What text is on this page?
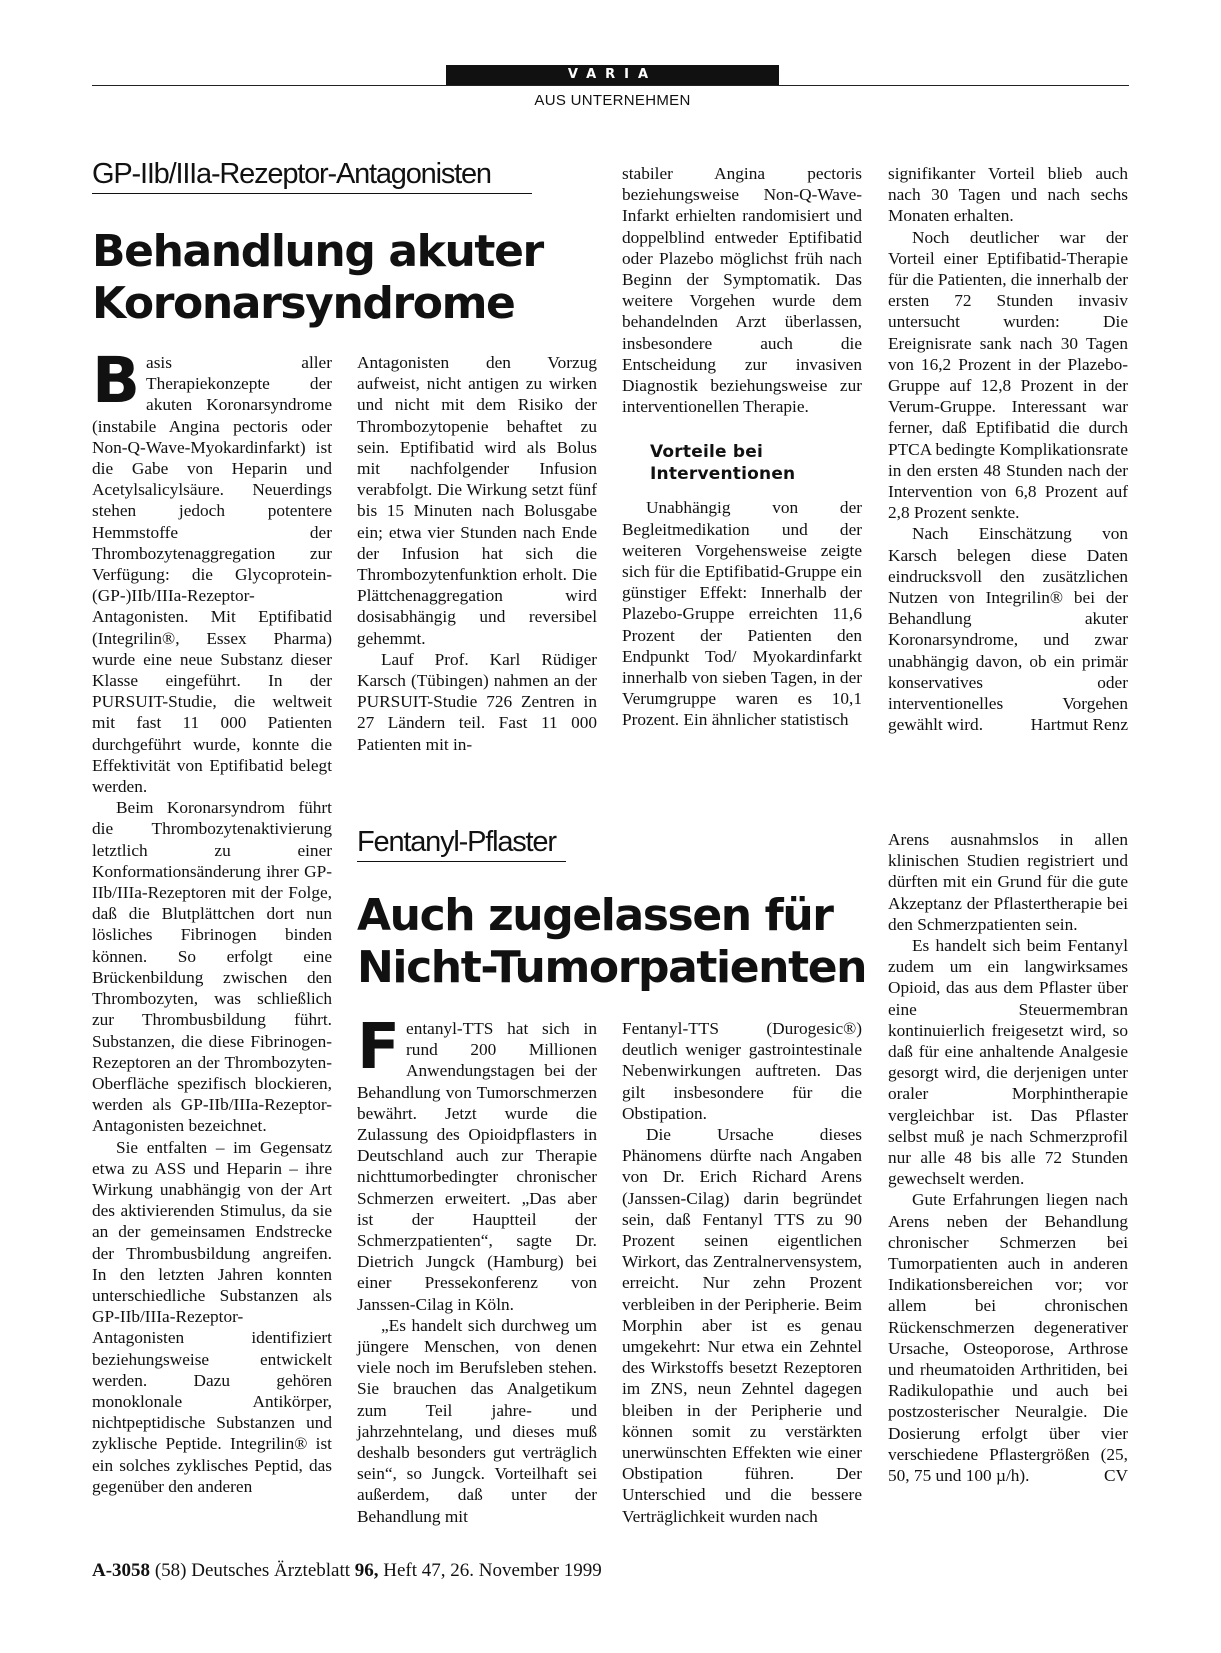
VARIA
AUS UNTERNEHMEN
GP-IIb/IIIa-Rezeptor-Antagonisten
Behandlung akuter
Koronarsyndrome

Basis aller Therapiekonzepte der akuten Koronarsyndrome (instabile Angina pectoris oder Non-Q-Wave-Myokardinfarkt) ist die Gabe von Heparin und Acetylsalicylsäure. Neuerdings stehen jedoch potentere Hemmstoffe der Thrombozytenaggregation zur Verfügung: die Glycoprotein-(GP-)IIb/IIIa-Rezeptor-Antagonisten. Mit Eptifibatid (Integrilin®, Essex Pharma) wurde eine neue Substanz dieser Klasse eingeführt. In der PURSUIT-Studie, die weltweit mit fast 11 000 Patienten durchgeführt wurde, konnte die Effektivität von Eptifibatid belegt werden.

Beim Koronarsyndrom führt die Thrombozytenaktivierung letztlich zu einer Konformationsänderung ihrer GP-IIb/IIIa-Rezeptoren mit der Folge, daß die Blutplättchen dort nun lösliches Fibrinogen binden können. So erfolgt eine Brückenbildung zwischen den Thrombozyten, was schließlich zur Thrombusbildung führt. Substanzen, die diese Fibrinogen-Rezeptoren an der Thrombozyten-Oberfläche spezifisch blockieren, werden als GP-IIb/IIIa-Rezeptor-Antagonisten bezeichnet.

Sie entfalten – im Gegensatz etwa zu ASS und Heparin – ihre Wirkung unabhängig von der Art des aktivierenden Stimulus, da sie an der gemeinsamen Endstrecke der Thrombusbildung angreifen. In den letzten Jahren konnten unterschiedliche Substanzen als GP-IIb/IIIa-Rezeptor-Antagonisten identifiziert beziehungsweise entwickelt werden. Dazu gehören monoklonale Antikörper, nichtpeptidische Substanzen und zyklische Peptide. Integrilin® ist ein solches zyklisches Peptid, das gegenüber den anderen

Antagonisten den Vorzug aufweist, nicht antigen zu wirken und nicht mit dem Risiko der Thrombozytopenie behaftet zu sein. Eptifibatid wird als Bolus mit nachfolgender Infusion verabfolgt. Die Wirkung setzt fünf bis 15 Minuten nach Bolusgabe ein; etwa vier Stunden nach Ende der Infusion hat sich die Thrombozytenfunktion erholt. Die Plättchenaggregation wird dosisabhängig und reversibel gehemmt.

Lauf Prof. Karl Rüdiger Karsch (Tübingen) nahmen an der PURSUIT-Studie 726 Zentren in 27 Ländern teil. Fast 11 000 Patienten mit in-

stabiler Angina pectoris beziehungsweise Non-Q-Wave-Infarkt erhielten randomisiert und doppelblind entweder Eptifibatid oder Plazebo möglichst früh nach Beginn der Symptomatik. Das weitere Vorgehen wurde dem behandelnden Arzt überlassen, insbesondere auch die Entscheidung zur invasiven Diagnostik beziehungsweise zur interventionellen Therapie.

Vorteile bei
Interventionen

Unabhängig von der Begleitmedikation und der weiteren Vorgehensweise zeigte sich für die Eptifibatid-Gruppe ein günstiger Effekt: Innerhalb der Plazebo-Gruppe erreichten 11,6 Prozent der Patienten den Endpunkt Tod/ Myokardinfarkt innerhalb von sieben Tagen, in der Verumgruppe waren es 10,1 Prozent. Ein ähnlicher statistisch

signifikanter Vorteil blieb auch nach 30 Tagen und nach sechs Monaten erhalten.

Noch deutlicher war der Vorteil einer Eptifibatid-Therapie für die Patienten, die innerhalb der ersten 72 Stunden invasiv untersucht wurden: Die Ereignisrate sank nach 30 Tagen von 16,2 Prozent in der Plazebo-Gruppe auf 12,8 Prozent in der Verum-Gruppe. Interessant war ferner, daß Eptifibatid die durch PTCA bedingte Komplikationsrate in den ersten 48 Stunden nach der Intervention von 6,8 Prozent auf 2,8 Prozent senkte.

Nach Einschätzung von Karsch belegen diese Daten eindrucksvoll den zusätzlichen Nutzen von Integrilin® bei der Behandlung akuter Koronarsyndrome, und zwar unabhängig davon, ob ein primär konservatives oder interventionelles Vorgehen gewählt wird.	Hartmut Renz

Fentanyl-Pflaster
Auch zugelassen für
Nicht-Tumorpatienten

Fentanyl-TTS hat sich in rund 200 Millionen Anwendungstagen bei der Behandlung von Tumorschmerzen bewährt. Jetzt wurde die Zulassung des Opioidpflasters in Deutschland auch zur Therapie nichttumorbedingter chronischer Schmerzen erweitert. „Das aber ist der Hauptteil der Schmerzpatienten“, sagte Dr. Dietrich Jungck (Hamburg) bei einer Pressekonferenz von Janssen-Cilag in Köln.

„Es handelt sich durchweg um jüngere Menschen, von denen viele noch im Berufsleben stehen. Sie brauchen das Analgetikum zum Teil jahre- und jahrzehntelang, und dieses muß deshalb besonders gut verträglich sein“, so Jungck. Vorteilhaft sei außerdem, daß unter der Behandlung mit

Fentanyl-TTS (Durogesic®) deutlich weniger gastrointestinale Nebenwirkungen auftreten. Das gilt insbesondere für die Obstipation.

Die Ursache dieses Phänomens dürfte nach Angaben von Dr. Erich Richard Arens (Janssen-Cilag) darin begründet sein, daß Fentanyl TTS zu 90 Prozent seinen eigentlichen Wirkort, das Zentralnervensystem, erreicht. Nur zehn Prozent verbleiben in der Peripherie. Beim Morphin aber ist es genau umgekehrt: Nur etwa ein Zehntel des Wirkstoffs besetzt Rezeptoren im ZNS, neun Zehntel dagegen bleiben in der Peripherie und können somit zu verstärkten unerwünschten Effekten wie einer Obstipation führen. Der Unterschied und die bessere Verträglichkeit wurden nach

Arens ausnahmslos in allen klinischen Studien registriert und dürften mit ein Grund für die gute Akzeptanz der Pflastertherapie bei den Schmerzpatienten sein.

Es handelt sich beim Fentanyl zudem um ein langwirksames Opioid, das aus dem Pflaster über eine Steuermembran kontinuierlich freigesetzt wird, so daß für eine anhaltende Analgesie gesorgt wird, die derjenigen unter oraler Morphintherapie vergleichbar ist. Das Pflaster selbst muß je nach Schmerzprofil nur alle 48 bis alle 72 Stunden gewechselt werden.

Gute Erfahrungen liegen nach Arens neben der Behandlung chronischer Schmerzen bei Tumorpatienten auch in anderen Indikationsbereichen vor; vor allem bei chronischen Rückenschmerzen degenerativer Ursache, Osteoporose, Arthrose und rheumatoiden Arthritiden, bei Radikulopathie und auch bei postzosterischer Neuralgie. Die Dosierung erfolgt über vier verschiedene Pflastergrößen (25, 50, 75 und 100 µ/h).	CV

A-3058 (58) Deutsches Ärzteblatt 96, Heft 47, 26. November 1999
